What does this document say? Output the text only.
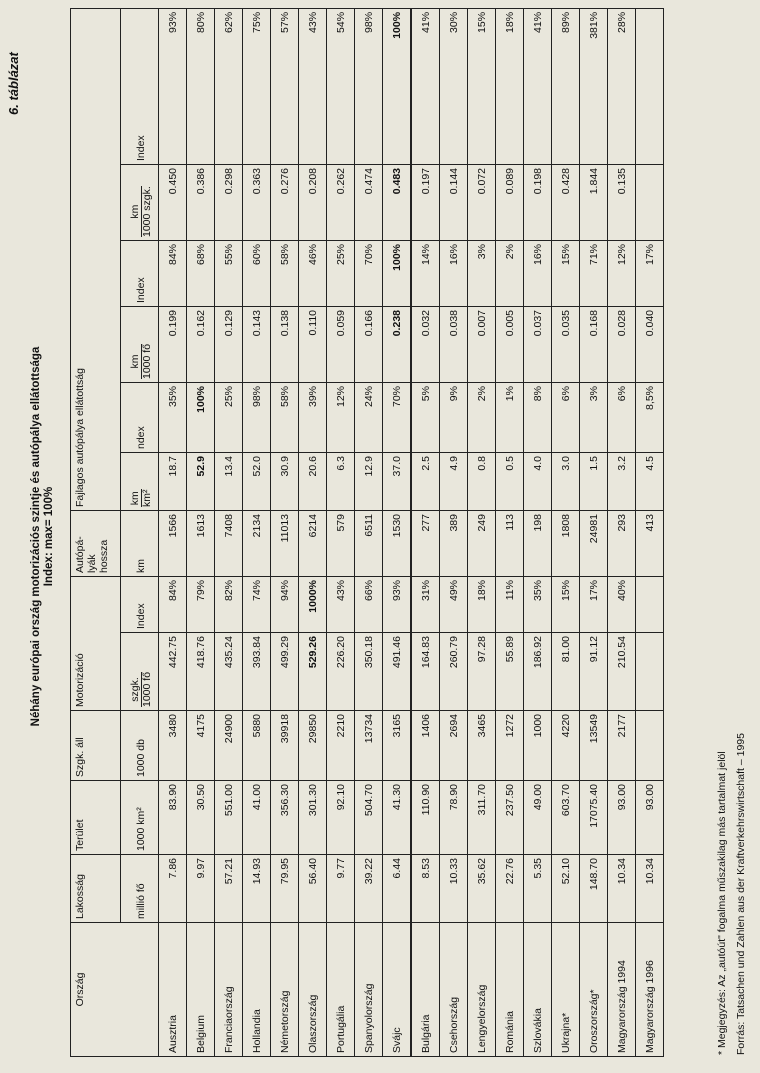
6. táblázat
Néhány európai ország motorizációs szintje és autópálya ellátottsága Index: max= 100%
Ország	Lakosság	Terület	Szgk. áll	Motorizáció		Autópá-
lyák
hossza	Fajlagos autópálya ellátottság					
	millió fő	1000 km²	1000 db	szgk. 1000 fő	Index	km	km km²	ndex	km 1000 fő	Index	km 1000 szgk.	Index
Ausztria	7.86	83.90	3480	442.75	84%	1566	18.7	35%	0.199	84%	0.450	93%
Belgium	9.97	30.50	4175	418.76	79%	1613	52.9	100%	0.162	68%	0.386	80%
Franciaország	57.21	551.00	24900	435.24	82%	7408	13.4	25%	0.129	55%	0.298	62%
Hollandia	14.93	41.00	5880	393.84	74%	2134	52.0	98%	0.143	60%	0.363	75%
Németország	79.95	356.30	39918	499.29	94%	11013	30.9	58%	0.138	58%	0.276	57%
Olaszország	56.40	301.30	29850	529.26	1000%	6214	20.6	39%	0.110	46%	0.208	43%
Portugália	9.77	92.10	2210	226.20	43%	579	6.3	12%	0.059	25%	0.262	54%
Spanyolország	39.22	504.70	13734	350.18	66%	6511	12.9	24%	0.166	70%	0.474	98%
Svájc	6.44	41.30	3165	491.46	93%	1530	37.0	70%	0.238	100%	0.483	100%
Bulgária	8.53	110.90	1406	164.83	31%	277	2.5	5%	0.032	14%	0.197	41%
Csehország	10.33	78.90	2694	260.79	49%	389	4.9	9%	0.038	16%	0.144	30%
Lengyelország	35.62	311.70	3465	97.28	18%	249	0.8	2%	0.007	3%	0.072	15%
Románia	22.76	237.50	1272	55.89	11%	113	0.5	1%	0.005	2%	0.089	18%
Szlovákia	5.35	49.00	1000	186.92	35%	198	4.0	8%	0.037	16%	0.198	41%
Ukrajna*	52.10	603.70	4220	81.00	15%	1808	3.0	6%	0.035	15%	0.428	89%
Oroszország*	148.70	17075.40	13549	91.12	17%	24981	1.5	3%	0.168	71%	1.844	381%
Magyarország 1994	10.34	93.00	2177	210.54	40%	293	3.2	6%	0.028	12%	0.135	28%
Magyarország 1996	10.34	93.00				413	4.5	8,5%	0.040	17%		
* Megjegyzés: Az „autóút" fogalma műszakilag más tartalmat jelöl Forrás: Tatsachen und Zahlen aus der Kraftverkehrswirtschaft – 1995
